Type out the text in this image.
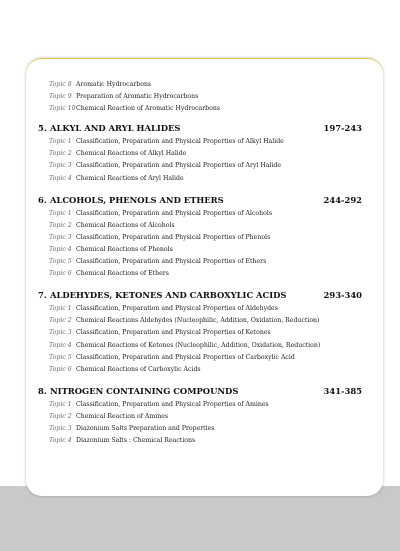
Topic 8 Aromatic Hydrocarbons
Topic 9 Preparation of Aromatic Hydrocarbons
Topic 10 Chemical Reaction of Aromatic Hydrocarbons
5. ALKYL AND ARYL HALIDES	197-243
Topic 1 Classification, Preparation and Physical Properties of Alkyl Halide
Topic 2 Chemical Reactions of Alkyl Halide
Topic 3 Classification, Preparation and Physical Properties of Aryl Halide
Topic 4 Chemical Reactions of Aryl Halide
6. ALCOHOLS, PHENOLS AND ETHERS	244-292
Topic 1 Classification, Preparation and Physical Properties of Alcohols
Topic 2 Chemical Reactions of Alcohols
Topic 3 Classification, Preparation and Physical Properties of Phenols
Topic 4 Chemical Reactions of Phenols
Topic 5 Classification, Preparation and Physical Properties of Ethers
Topic 6 Chemical Reactions of Ethers
7. ALDEHYDES, KETONES AND CARBOXYLIC ACIDS	293-340
Topic 1 Classification, Preparation and Physical Properties of Aldehydes
Topic 2 Chemical Reactions Aldehydes (Nucleophilic, Addition, Oxidation, Reduction)
Topic 3 Classification, Preparation and Physical Properties of Ketones
Topic 4 Chemical Reactions of Ketones (Nucleophilic, Addition, Oxidation, Reduction)
Topic 5 Classification, Preparation and Physical Properties of Carboxylic Acid
Topic 6 Chemical Reactions of Carboxylic Acids
8. NITROGEN CONTAINING COMPOUNDS	341-385
Topic 1 Classification, Preparation and Physical Properties of Amines
Topic 2 Chemical Reaction of Amines
Topic 3 Diazonium Salts Preparation and Properties
Topic 4 Diazonium Salts : Chemical Reactions
